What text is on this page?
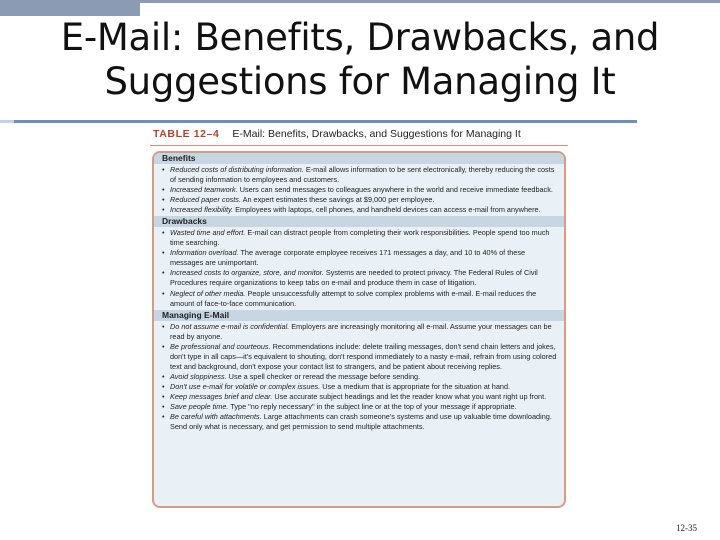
E-Mail: Benefits, Drawbacks, and
Suggestions for Managing It
TABLE 12–4 E-Mail: Benefits, Drawbacks, and Suggestions for Managing It
Benefits
• Reduced costs of distributing information. E-mail allows information to be sent electronically, thereby reducing the costs of sending information to employees and customers.
• Increased teamwork. Users can send messages to colleagues anywhere in the world and receive immediate feedback.
• Reduced paper costs. An expert estimates these savings at $9,000 per employee.
• Increased flexibility. Employees with laptops, cell phones, and handheld devices can access e-mail from anywhere.
Drawbacks
• Wasted time and effort. E-mail can distract people from completing their work responsibilities. People spend too much time searching.
• Information overload. The average corporate employee receives 171 messages a day, and 10 to 40% of these messages are unimportant.
• Increased costs to organize, store, and monitor. Systems are needed to protect privacy. The Federal Rules of Civil Procedures require organizations to keep tabs on e-mail and produce them in case of litigation.
• Neglect of other media. People unsuccessfully attempt to solve complex problems with e-mail. E-mail reduces the amount of face-to-face communication.
Managing E-Mail
• Do not assume e-mail is confidential. Employers are increasingly monitoring all e-mail. Assume your messages can be read by anyone.
• Be professional and courteous. Recommendations include: delete trailing messages, don't send chain letters and jokes, don't type in all caps—it's equivalent to shouting, don't respond immediately to a nasty e-mail, refrain from using colored text and background, don't expose your contact list to strangers, and be patient about receiving replies.
• Avoid sloppiness. Use a spell checker or reread the message before sending.
• Don't use e-mail for volatile or complex issues. Use a medium that is appropriate for the situation at hand.
• Keep messages brief and clear. Use accurate subject headings and let the reader know what you want right up front.
• Save people time. Type "no reply necessary" in the subject line or at the top of your message if appropriate.
• Be careful with attachments. Large attachments can crash someone's systems and use up valuable time downloading. Send only what is necessary, and get permission to send multiple attachments.
12-35
